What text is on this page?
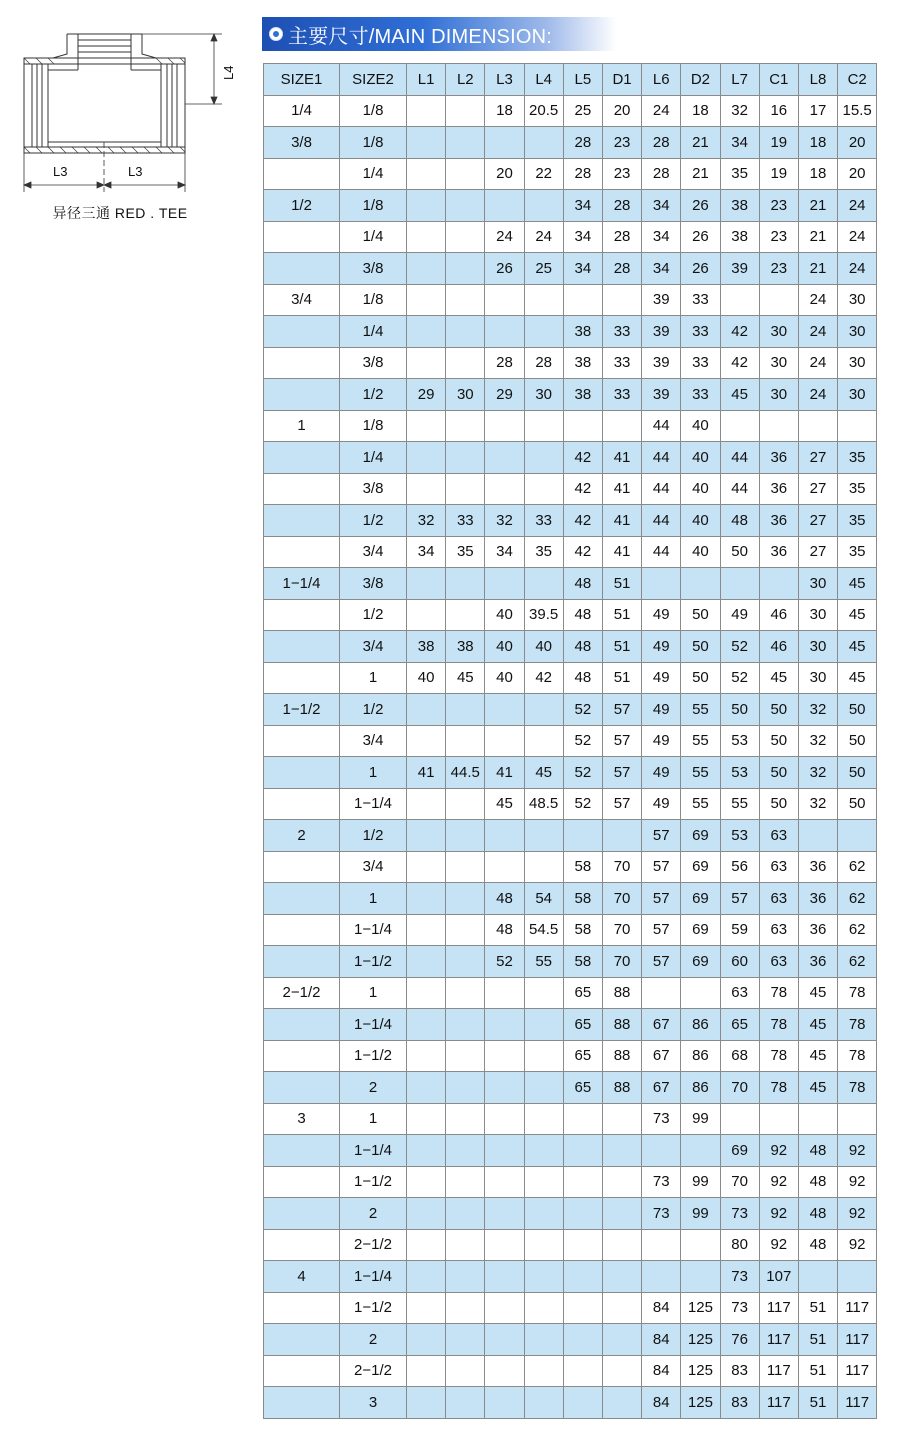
L4
L3	L3
异径三通 RED . TEE
主要尺寸/MAIN DIMENSION:
SIZE1	SIZE2	L1	L2	L3	L4	L5	D1	L6	D2	L7	C1	L8	C2
1/4	1/8			18	20.5	25	20	24	18	32	16	17	15.5
3/8	1/8					28	23	28	21	34	19	18	20
	1/4			20	22	28	23	28	21	35	19	18	20
1/2	1/8					34	28	34	26	38	23	21	24
	1/4			24	24	34	28	34	26	38	23	21	24
	3/8			26	25	34	28	34	26	39	23	21	24
3/4	1/8							39	33			24	30
	1/4					38	33	39	33	42	30	24	30
	3/8			28	28	38	33	39	33	42	30	24	30
	1/2	29	30	29	30	38	33	39	33	45	30	24	30
1	1/8							44	40				
	1/4					42	41	44	40	44	36	27	35
	3/8					42	41	44	40	44	36	27	35
	1/2	32	33	32	33	42	41	44	40	48	36	27	35
	3/4	34	35	34	35	42	41	44	40	50	36	27	35
1−1/4	3/8					48	51					30	45
	1/2			40	39.5	48	51	49	50	49	46	30	45
	3/4	38	38	40	40	48	51	49	50	52	46	30	45
	1	40	45	40	42	48	51	49	50	52	45	30	45
1−1/2	1/2					52	57	49	55	50	50	32	50
	3/4					52	57	49	55	53	50	32	50
	1	41	44.5	41	45	52	57	49	55	53	50	32	50
	1−1/4			45	48.5	52	57	49	55	55	50	32	50
2	1/2							57	69	53	63		
	3/4					58	70	57	69	56	63	36	62
	1			48	54	58	70	57	69	57	63	36	62
	1−1/4			48	54.5	58	70	57	69	59	63	36	62
	1−1/2			52	55	58	70	57	69	60	63	36	62
2−1/2	1					65	88			63	78	45	78
	1−1/4					65	88	67	86	65	78	45	78
	1−1/2					65	88	67	86	68	78	45	78
	2					65	88	67	86	70	78	45	78
3	1							73	99				
	1−1/4									69	92	48	92
	1−1/2							73	99	70	92	48	92
	2							73	99	73	92	48	92
	2−1/2									80	92	48	92
4	1−1/4									73	107		
	1−1/2							84	125	73	117	51	117
	2							84	125	76	117	51	117
	2−1/2							84	125	83	117	51	117
	3							84	125	83	117	51	117
